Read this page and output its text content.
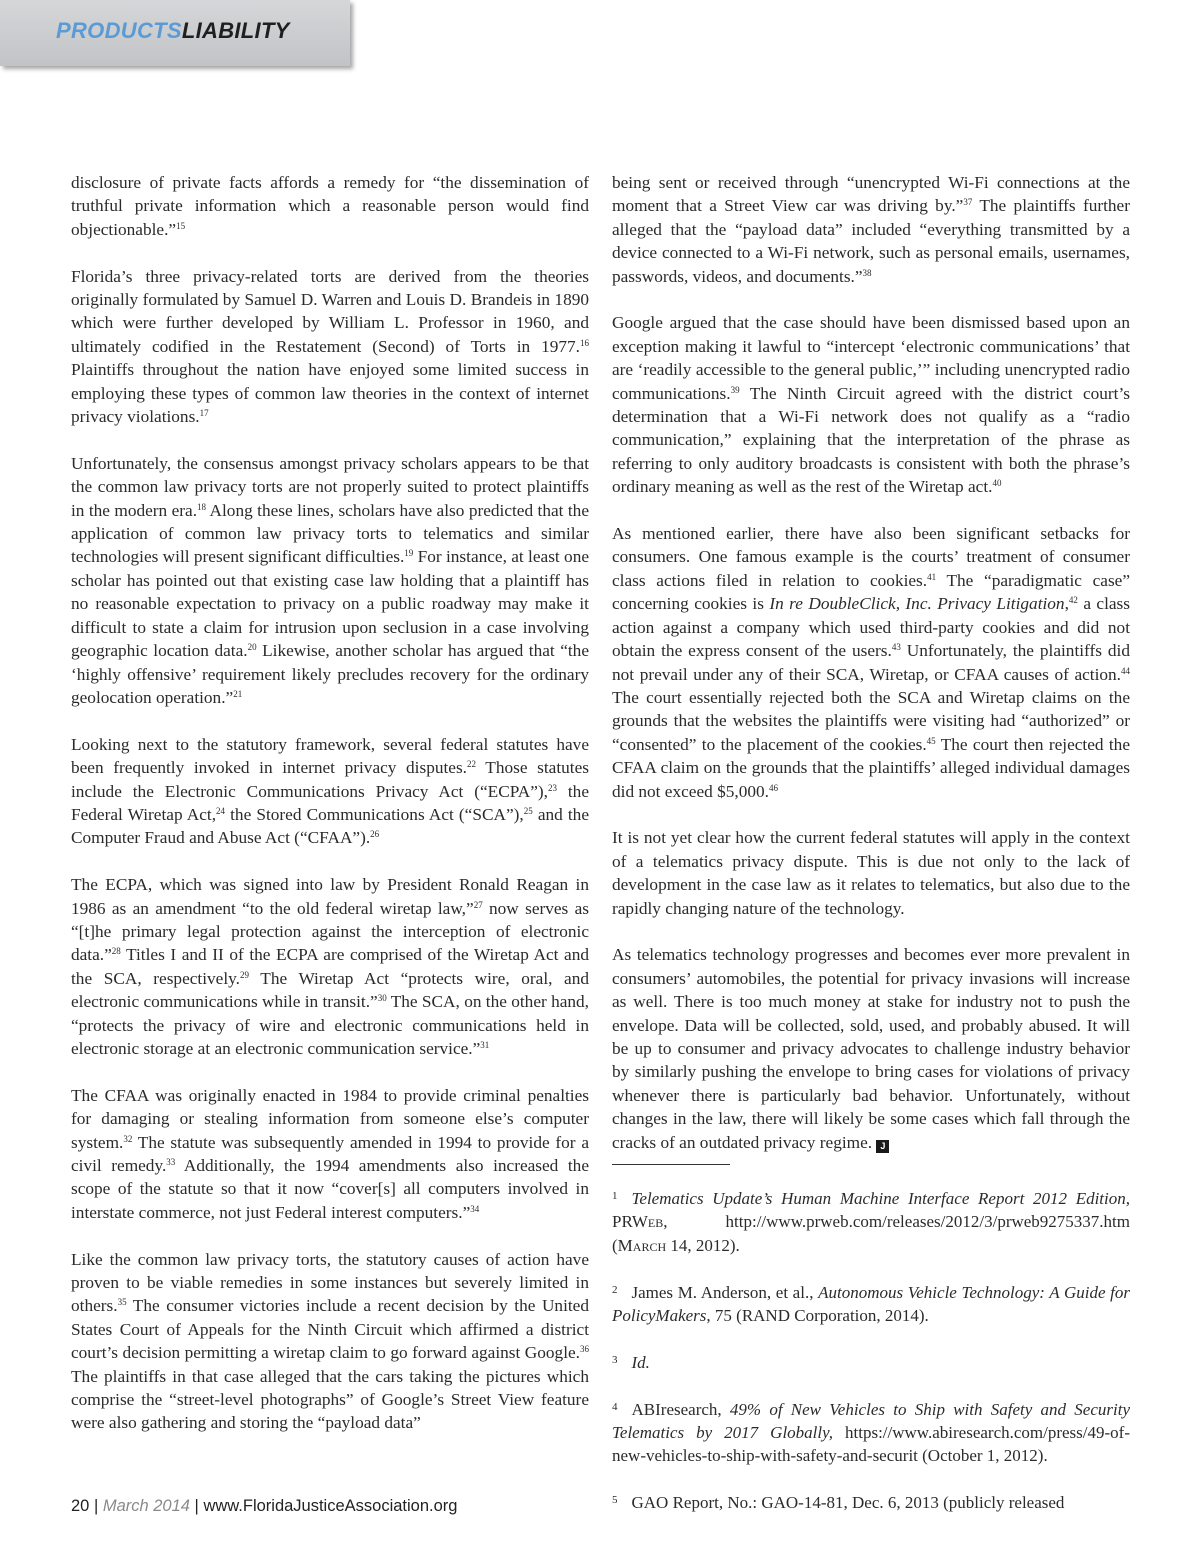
PRODUCTSLIABILITY

disclosure of private facts affords a remedy for “the dissemination of truthful private information which a reasonable person would find objectionable.”$^{15}$

Florida’s three privacy-related torts are derived from the theories originally formulated by Samuel D. Warren and Louis D. Brandeis in 1890 which were further developed by William L. Professor in 1960, and ultimately codified in the Restatement (Second) of Torts in 1977.16 Plaintiffs throughout the nation have enjoyed some limited success in employing these types of common law theories in the context of internet privacy violations.$^{17}$

Unfortunately, the consensus amongst privacy scholars appears to be that the common law privacy torts are not properly suited to protect plaintiffs in the modern era.$^{18}$ Along these lines, scholars have also predicted that the application of common law privacy torts to telematics and similar technologies will present significant difficulties.$^{19}$ For instance, at least one scholar has pointed out that existing case law holding that a plaintiff has no reasonable expectation to privacy on a public roadway may make it difficult to state a claim for intrusion upon seclusion in a case involving geographic location data.$^{20}$ Likewise, another scholar has argued that “the ‘highly offensive’ requirement likely precludes recovery for the ordinary geolocation operation.”$^{21}$

Looking next to the statutory framework, several federal statutes have been frequently invoked in internet privacy disputes.$^{22}$ Those statutes include the Electronic Communications Privacy Act (“ECPA”),$^{23}$ the Federal Wiretap Act,$^{24}$ the Stored Communications Act (“SCA”),$^{25}$ and the Computer Fraud and Abuse Act (“CFAA”).$^{26}$

The ECPA, which was signed into law by President Ronald Reagan in 1986 as an amendment “to the old federal wiretap law,”$^{27}$ now serves as “[t]he primary legal protection against the interception of electronic data.”$^{28}$ Titles I and II of the ECPA are comprised of the Wiretap Act and the SCA, respectively.$^{29}$ The Wiretap Act “protects wire, oral, and electronic communications while in transit.”$^{30}$ The SCA, on the other hand, “protects the privacy of wire and electronic communications held in electronic storage at an electronic communication service.”$^{31}$

The CFAA was originally enacted in 1984 to provide criminal penalties for damaging or stealing information from someone else’s computer system.$^{32}$ The statute was subsequently amended in 1994 to provide for a civil remedy.$^{33}$ Additionally, the 1994 amendments also increased the scope of the statute so that it now “cover[s] all computers involved in interstate commerce, not just Federal interest computers.”$^{34}$

Like the common law privacy torts, the statutory causes of action have proven to be viable remedies in some instances but severely limited in others.$^{35}$ The consumer victories include a recent decision by the United States Court of Appeals for the Ninth Circuit which affirmed a district court’s decision permitting a wiretap claim to go forward against Google.$^{36}$ The plaintiffs in that case alleged that the cars taking the pictures which comprise the “street-level photographs” of Google’s Street View feature were also gathering and storing the “payload data”

being sent or received through “unencrypted Wi-Fi connections at the moment that a Street View car was driving by.”$^{37}$ The plaintiffs further alleged that the “payload data” included “everything transmitted by a device connected to a Wi-Fi network, such as personal emails, usernames, passwords, videos, and documents.”$^{38}$

Google argued that the case should have been dismissed based upon an exception making it lawful to “intercept ‘electronic communications’ that are ‘readily accessible to the general public,’” including unencrypted radio communications.$^{39}$ The Ninth Circuit agreed with the district court’s determination that a Wi-Fi network does not qualify as a “radio communication,” explaining that the interpretation of the phrase as referring to only auditory broadcasts is consistent with both the phrase’s ordinary meaning as well as the rest of the Wiretap act.$^{40}$

As mentioned earlier, there have also been significant setbacks for consumers. One famous example is the courts’ treatment of consumer class actions filed in relation to cookies.$^{41}$ The “paradigmatic case” concerning cookies is In re DoubleClick, Inc. Privacy Litigation,$^{42}$ a class action against a company which used third-party cookies and did not obtain the express consent of the users.$^{43}$ Unfortunately, the plaintiffs did not prevail under any of their SCA, Wiretap, or CFAA causes of action.$^{44}$ The court essentially rejected both the SCA and Wiretap claims on the grounds that the websites the plaintiffs were visiting had “authorized” or “consented” to the placement of the cookies.$^{45}$ The court then rejected the CFAA claim on the grounds that the plaintiffs’ alleged individual damages did not exceed $5,000.46

It is not yet clear how the current federal statutes will apply in the context of a telematics privacy dispute. This is due not only to the lack of development in the case law as it relates to telematics, but also due to the rapidly changing nature of the technology.

As telematics technology progresses and becomes ever more prevalent in consumers’ automobiles, the potential for privacy invasions will increase as well. There is too much money at stake for industry not to push the envelope. Data will be collected, sold, used, and probably abused. It will be up to consumer and privacy advocates to challenge industry behavior by similarly pushing the envelope to bring cases for violations of privacy whenever there is particularly bad behavior. Unfortunately, without changes in the law, there will likely be some cases which fall through the cracks of an outdated privacy regime. J

$^1$ Telematics Update’s Human Machine Interface Report 2012 Edition, PRWeb, http://www.prweb.com/releases/2012/3/prweb9275337.htm (March 14, 2012).

$^2$ James M. Anderson, et al., Autonomous Vehicle Technology: A Guide for PolicyMakers, 75 (RAND Corporation, 2014).

$^3$ Id.

$^4$ ABIresearch, 49% of New Vehicles to Ship with Safety and Security Telematics by 2017 Globally, https://www.abiresearch.com/press/49-of-new-vehicles-to-ship-with-safety-and-securit (October 1, 2012).

$^5$ GAO Report, No.: GAO-14-81, Dec. 6, 2013 (publicly released

20 | March 2014 | www.FloridaJusticeAssociation.org
